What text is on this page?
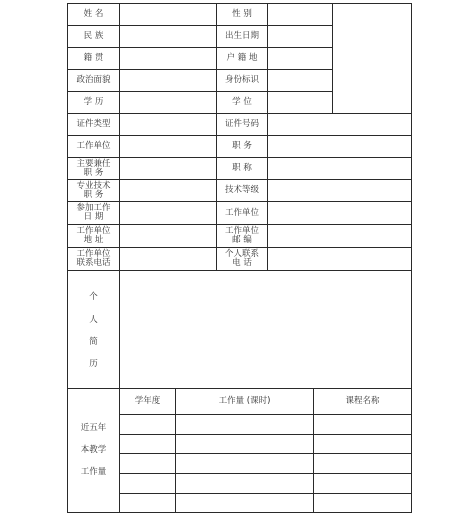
姓 名
民 族
籍 贯
政治面貌
学 历
证件类型
工作单位
主要兼任
职 务
专业技术
职 务
参加工作
日 期
工作单位
地 址
工作单位
联系电话
性 别
出生日期
户 籍 地
身份标识
学 位
证件号码
职 务
职 称
技术等级
工作单位
工作单位
邮 编
个人联系
电 话
个
人
简
历
近五年
本教学
工作量
学年度	工作量 (课时)	课程名称
